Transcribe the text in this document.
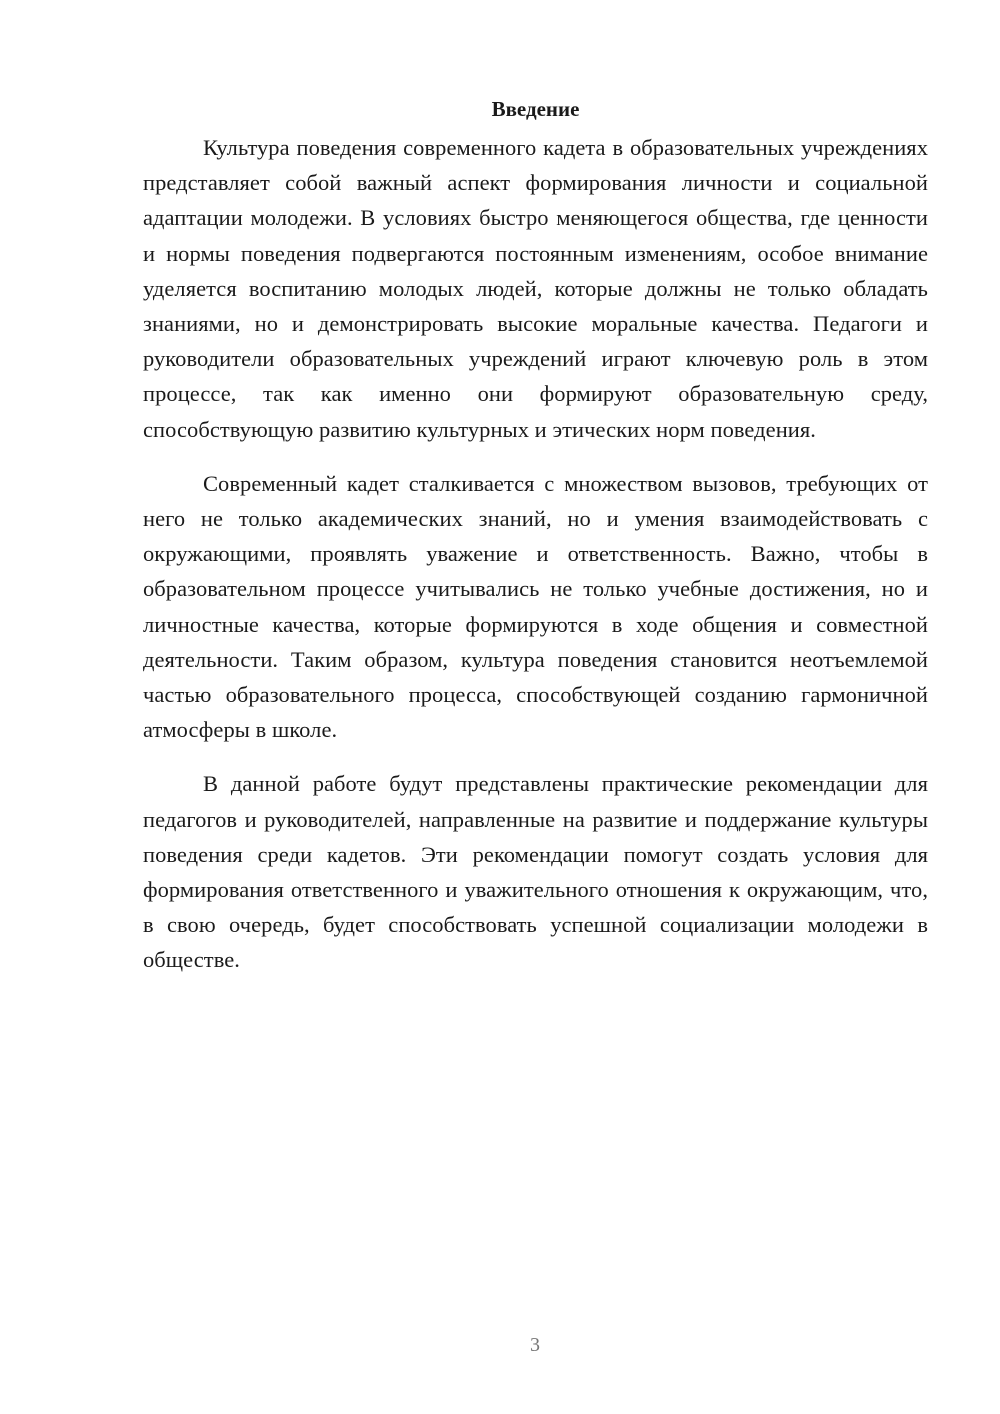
Введение

Культура поведения современного кадета в образовательных учреждениях представляет собой важный аспект формирования личности и социальной адаптации молодежи. В условиях быстро меняющегося общества, где ценности и нормы поведения подвергаются постоянным изменениям, особое внимание уделяется воспитанию молодых людей, которые должны не только обладать знаниями, но и демонстрировать высокие моральные качества. Педагоги и руководители образовательных учреждений играют ключевую роль в этом процессе, так как именно они формируют образовательную среду, способствующую развитию культурных и этических норм поведения.

Современный кадет сталкивается с множеством вызовов, требующих от него не только академических знаний, но и умения взаимодействовать с окружающими, проявлять уважение и ответственность. Важно, чтобы в образовательном процессе учитывались не только учебные достижения, но и личностные качества, которые формируются в ходе общения и совместной деятельности. Таким образом, культура поведения становится неотъемлемой частью образовательного процесса, способствующей созданию гармоничной атмосферы в школе.

В данной работе будут представлены практические рекомендации для педагогов и руководителей, направленные на развитие и поддержание культуры поведения среди кадетов. Эти рекомендации помогут создать условия для формирования ответственного и уважительного отношения к окружающим, что, в свою очередь, будет способствовать успешной социализации молодежи в обществе.

3
